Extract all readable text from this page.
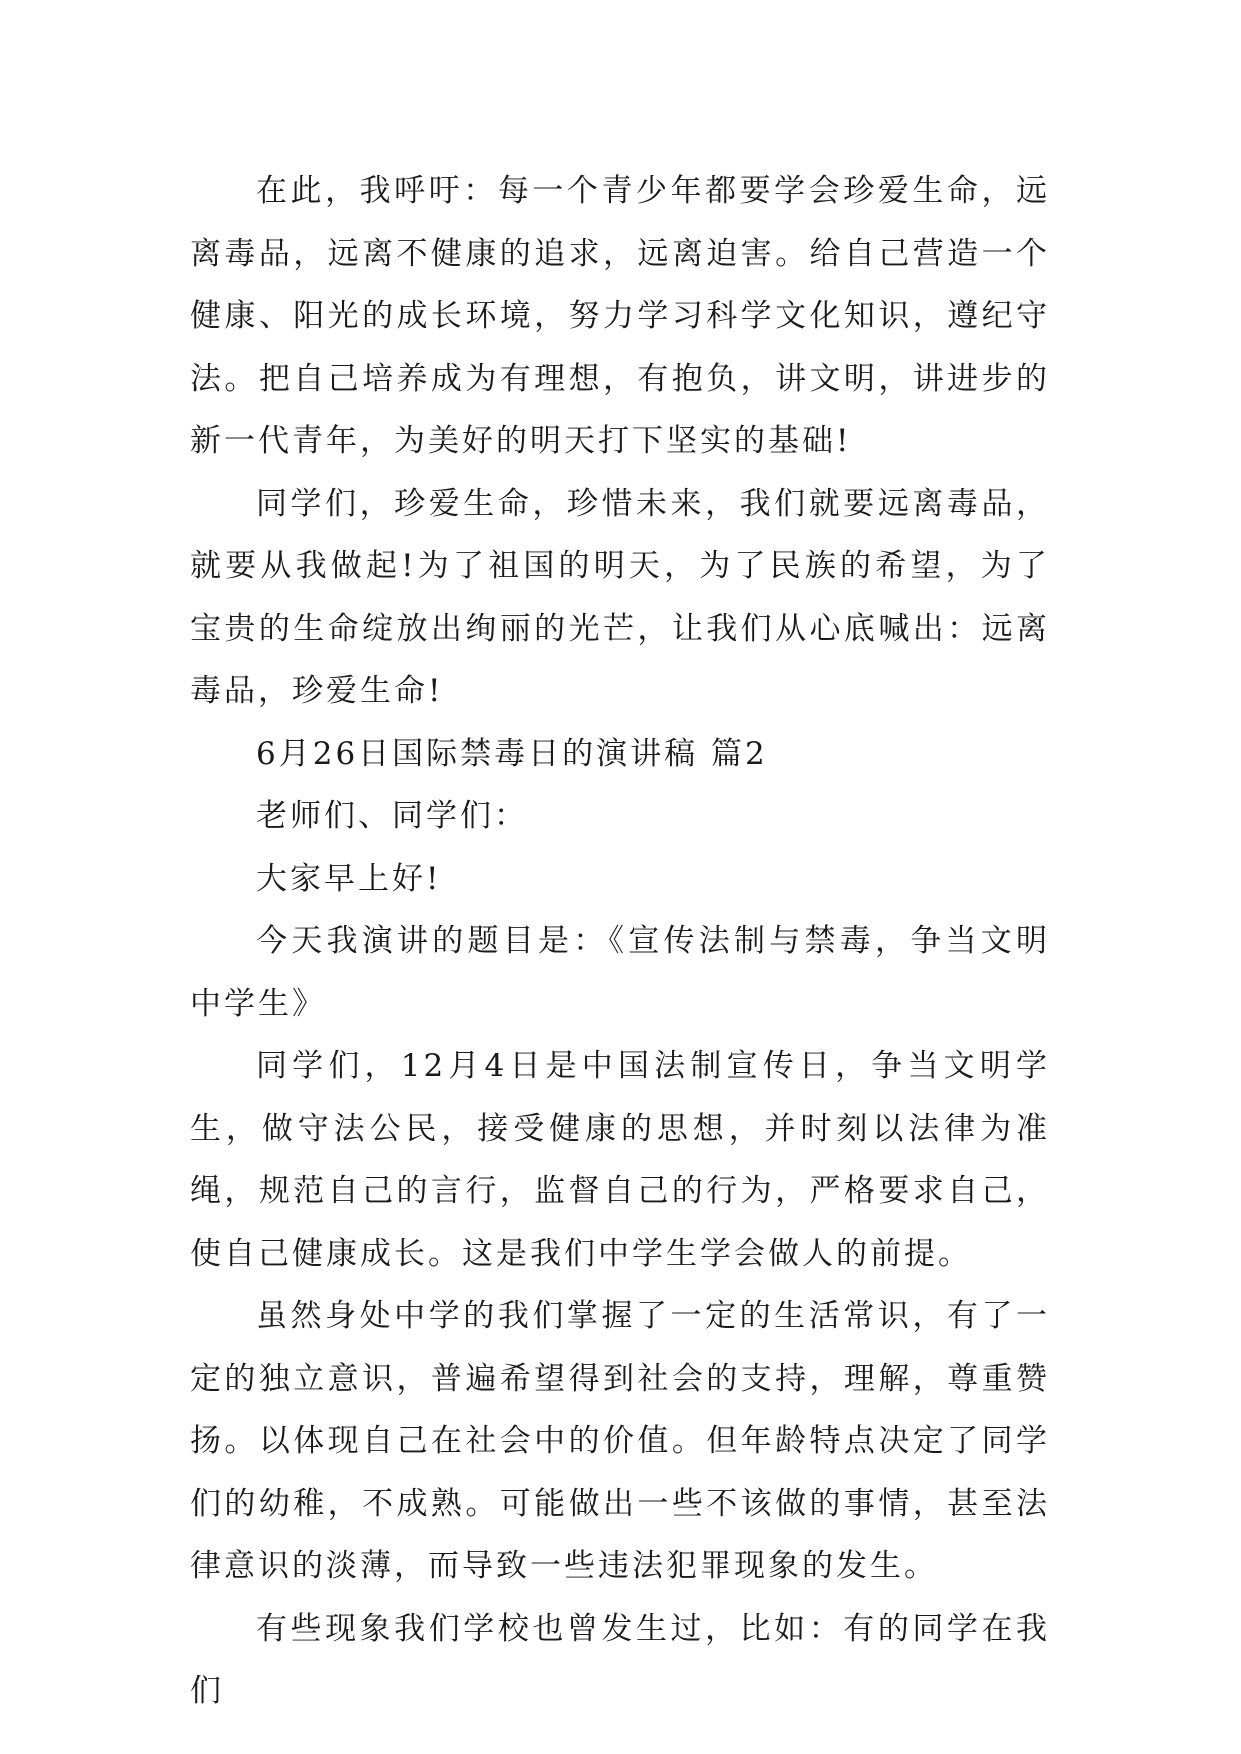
在此，我呼吁：每一个青少年都要学会珍爱生命，远离毒品，远离不健康的追求，远离迫害。给自己营造一个健康、阳光的成长环境，努力学习科学文化知识，遵纪守法。把自己培养成为有理想，有抱负，讲文明，讲进步的新一代青年，为美好的明天打下坚实的基础!

同学们，珍爱生命，珍惜未来，我们就要远离毒品，就要从我做起!为了祖国的明天，为了民族的希望，为了宝贵的生命绽放出绚丽的光芒，让我们从心底喊出：远离毒品，珍爱生命!

6月26日国际禁毒日的演讲稿 篇2

老师们、同学们：

大家早上好!

今天我演讲的题目是：《宣传法制与禁毒，争当文明中学生》

同学们，12月4日是中国法制宣传日，争当文明学生，做守法公民，接受健康的思想，并时刻以法律为准绳，规范自己的言行，监督自己的行为，严格要求自己，使自己健康成长。这是我们中学生学会做人的前提。

虽然身处中学的我们掌握了一定的生活常识，有了一定的独立意识，普遍希望得到社会的支持，理解，尊重赞扬。以体现自己在社会中的价值。但年龄特点决定了同学们的幼稚，不成熟。可能做出一些不该做的事情，甚至法律意识的淡薄，而导致一些违法犯罪现象的发生。

有些现象我们学校也曾发生过，比如：有的同学在我们
